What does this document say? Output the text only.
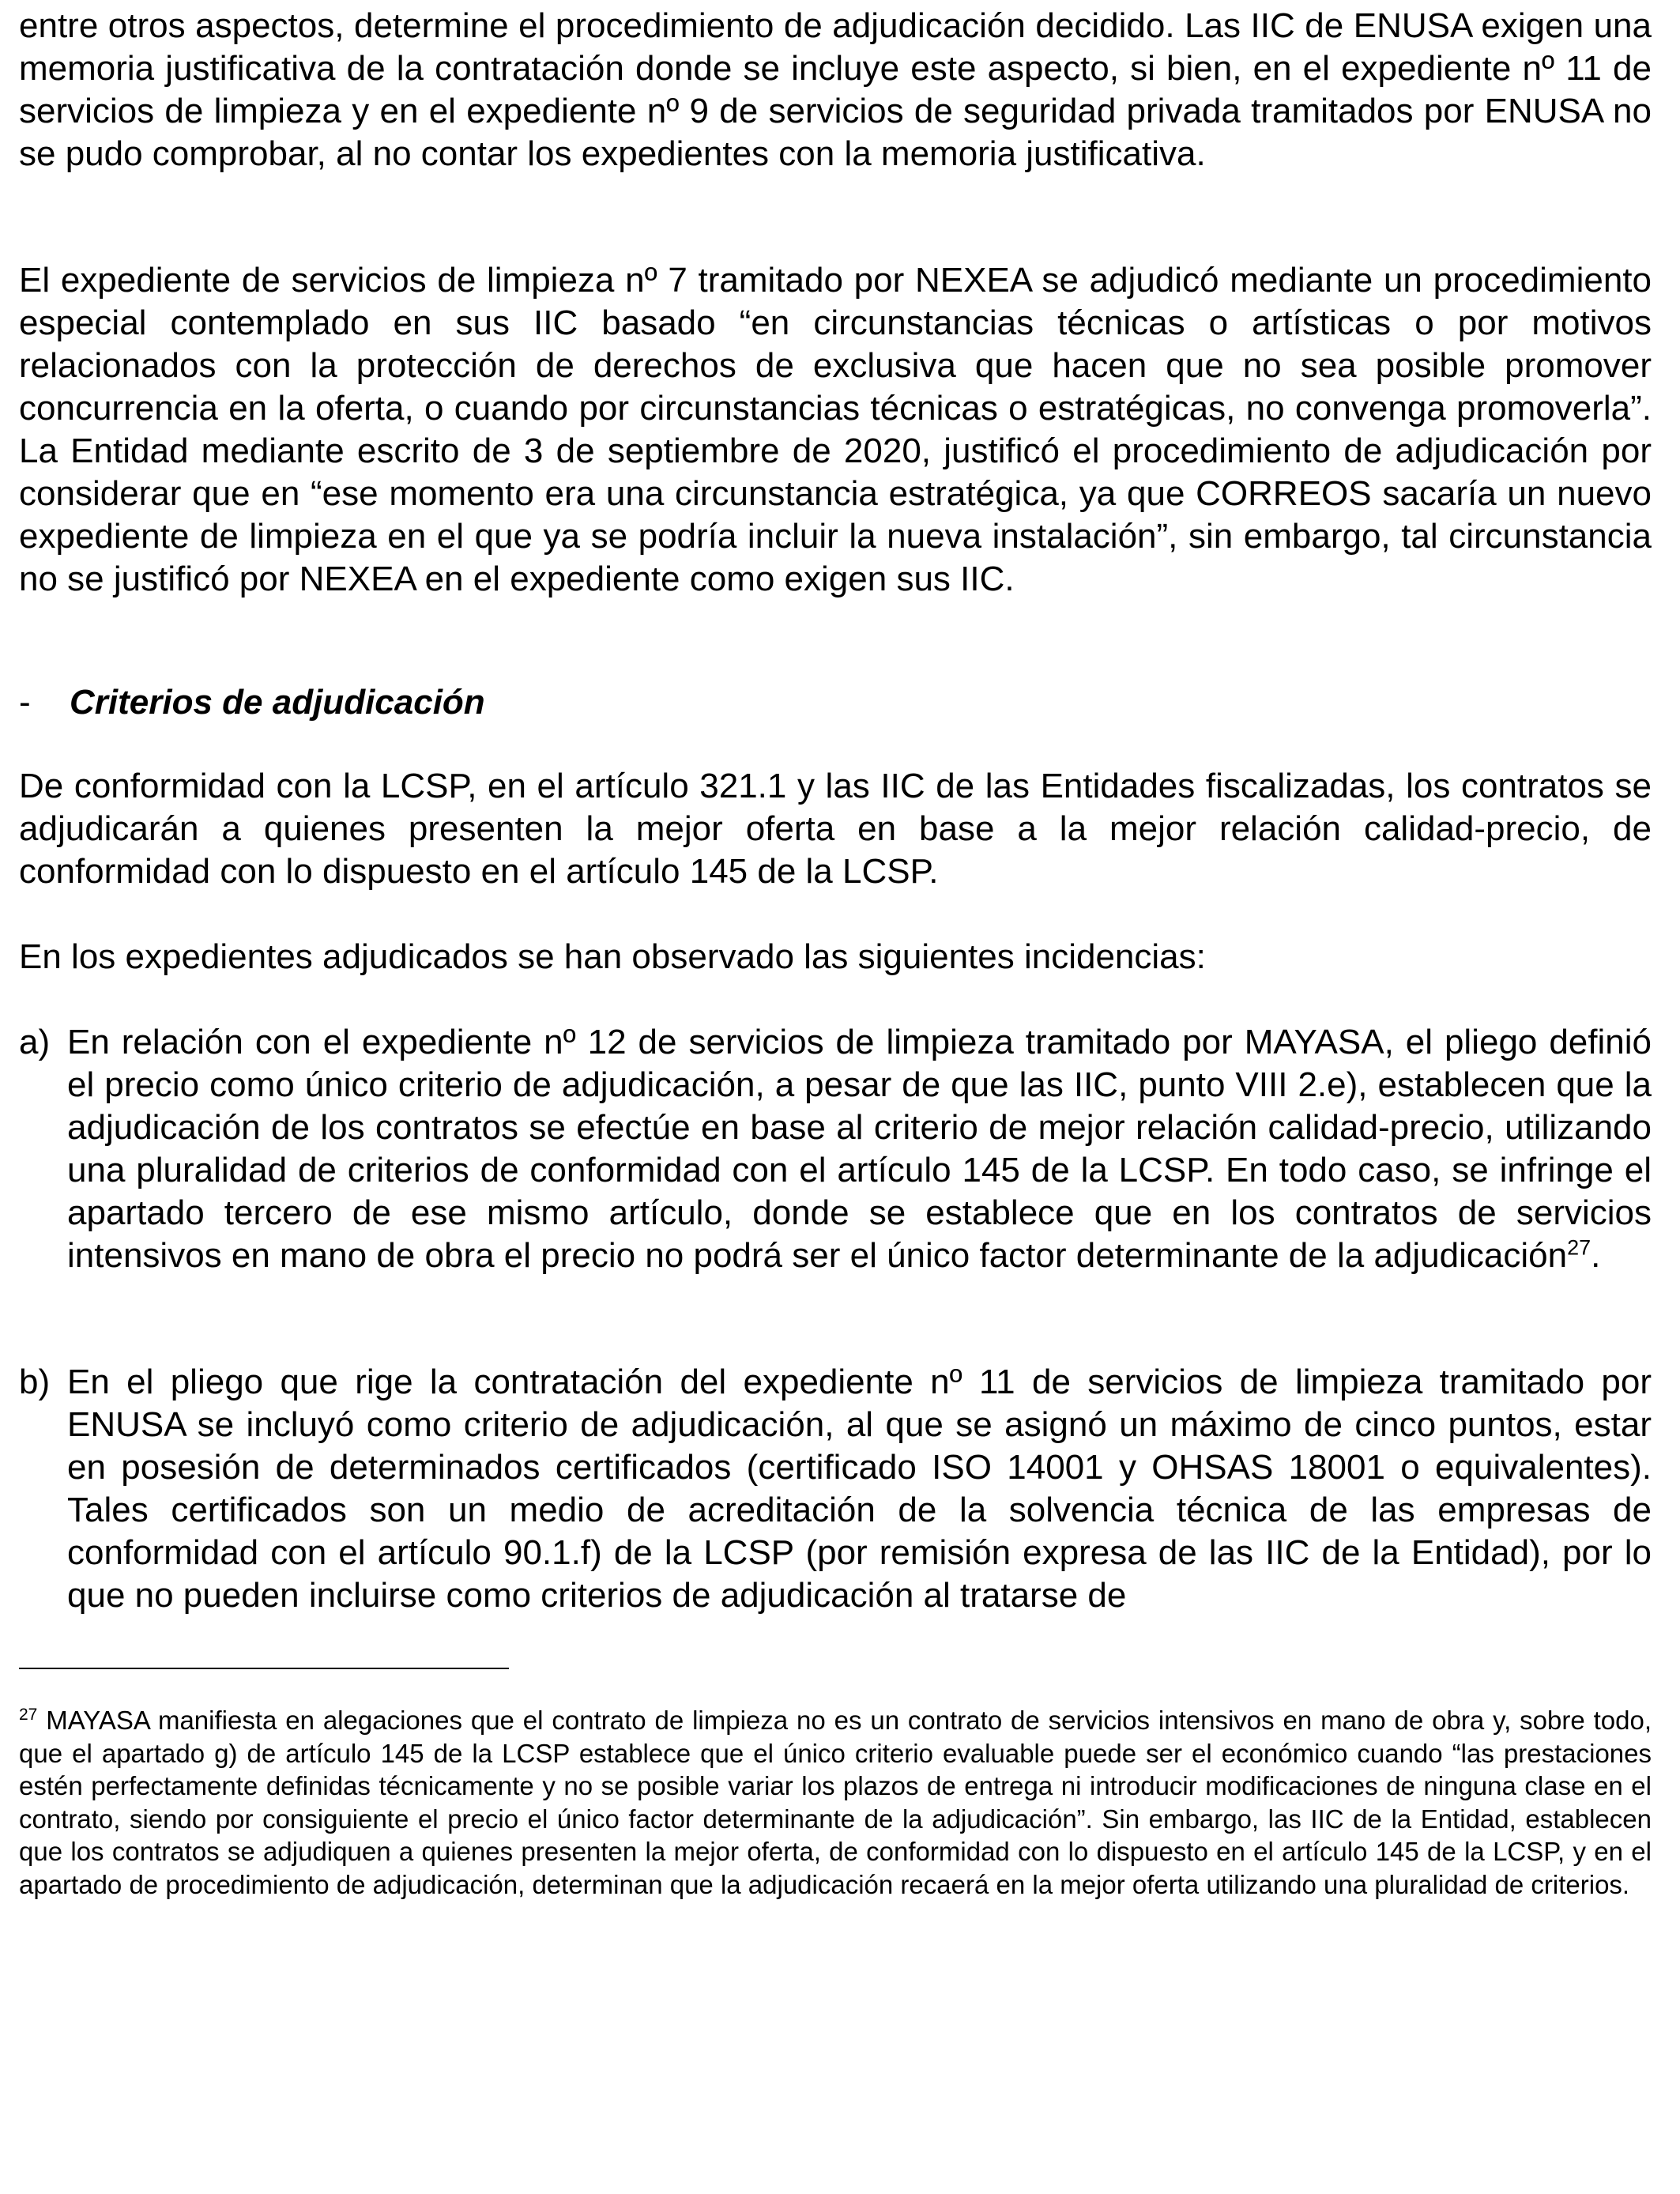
entre otros aspectos, determine el procedimiento de adjudicación decidido. Las IIC de ENUSA exigen una memoria justificativa de la contratación donde se incluye este aspecto, si bien, en el expediente nº 11 de servicios de limpieza y en el expediente nº 9 de servicios de seguridad privada tramitados por ENUSA no se pudo comprobar, al no contar los expedientes con la memoria justificativa.

El expediente de servicios de limpieza nº 7 tramitado por NEXEA se adjudicó mediante un procedimiento especial contemplado en sus IIC basado “en circunstancias técnicas o artísticas o por motivos relacionados con la protección de derechos de exclusiva que hacen que no sea posible promover concurrencia en la oferta, o cuando por circunstancias técnicas o estratégicas, no convenga promoverla”. La Entidad mediante escrito de 3 de septiembre de 2020, justificó el procedimiento de adjudicación por considerar que en “ese momento era una circunstancia estratégica, ya que CORREOS sacaría un nuevo expediente de limpieza en el que ya se podría incluir la nueva instalación”, sin embargo, tal circunstancia no se justificó por NEXEA en el expediente como exigen sus IIC.

- Criterios de adjudicación

De conformidad con la LCSP, en el artículo 321.1 y las IIC de las Entidades fiscalizadas, los contratos se adjudicarán a quienes presenten la mejor oferta en base a la mejor relación calidad-precio, de conformidad con lo dispuesto en el artículo 145 de la LCSP.

En los expedientes adjudicados se han observado las siguientes incidencias:

a) En relación con el expediente nº 12 de servicios de limpieza tramitado por MAYASA, el pliego definió el precio como único criterio de adjudicación, a pesar de que las IIC, punto VIII 2.e), establecen que la adjudicación de los contratos se efectúe en base al criterio de mejor relación calidad-precio, utilizando una pluralidad de criterios de conformidad con el artículo 145 de la LCSP. En todo caso, se infringe el apartado tercero de ese mismo artículo, donde se establece que en los contratos de servicios intensivos en mano de obra el precio no podrá ser el único factor determinante de la adjudicación$^{27}$.
b) En el pliego que rige la contratación del expediente nº 11 de servicios de limpieza tramitado por ENUSA se incluyó como criterio de adjudicación, al que se asignó un máximo de cinco puntos, estar en posesión de determinados certificados (certificado ISO 14001 y OHSAS 18001 o equivalentes). Tales certificados son un medio de acreditación de la solvencia técnica de las empresas de conformidad con el artículo 90.1.f) de la LCSP (por remisión expresa de las IIC de la Entidad), por lo que no pueden incluirse como criterios de adjudicación al tratarse de
$^{27}$ MAYASA manifiesta en alegaciones que el contrato de limpieza no es un contrato de servicios intensivos en mano de obra y, sobre todo, que el apartado g) de artículo 145 de la LCSP establece que el único criterio evaluable puede ser el económico cuando “las prestaciones estén perfectamente definidas técnicamente y no se posible variar los plazos de entrega ni introducir modificaciones de ninguna clase en el contrato, siendo por consiguiente el precio el único factor determinante de la adjudicación”. Sin embargo, las IIC de la Entidad, establecen que los contratos se adjudiquen a quienes presenten la mejor oferta, de conformidad con lo dispuesto en el artículo 145 de la LCSP, y en el apartado de procedimiento de adjudicación, determinan que la adjudicación recaerá en la mejor oferta utilizando una pluralidad de criterios.
